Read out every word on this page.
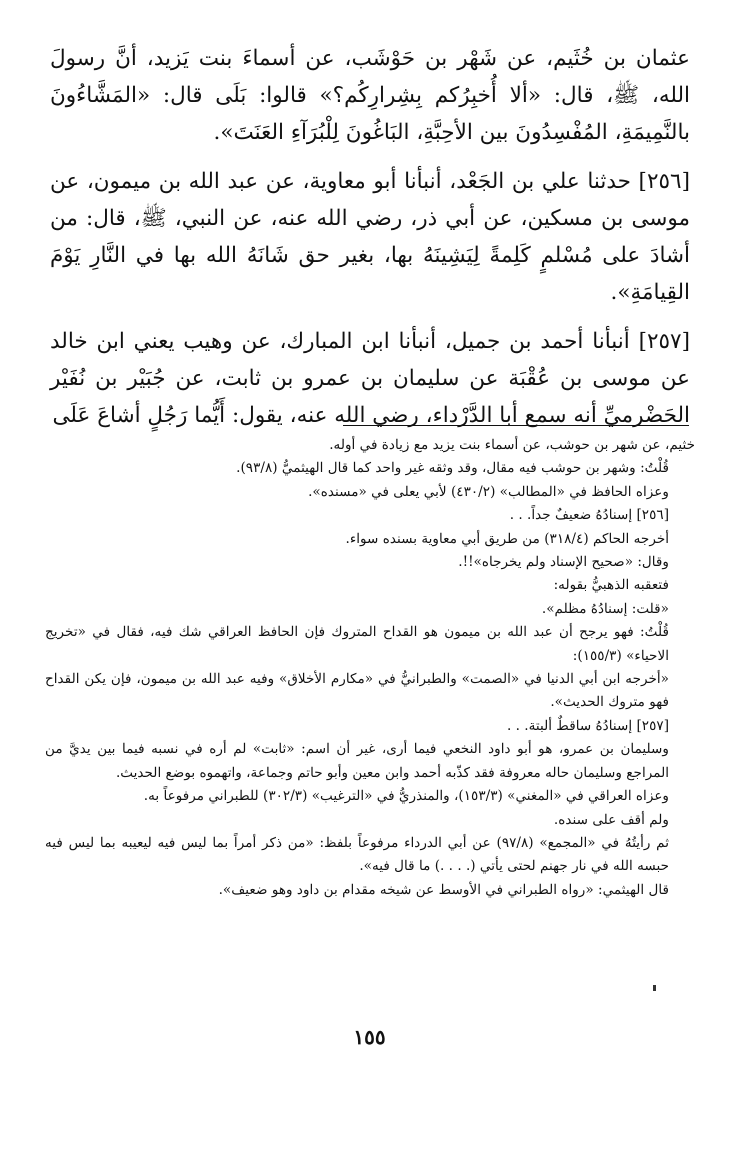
عثمان بن خُثَيم، عن شَهْر بن حَوْشَب، عن أسماءَ بنت يَزيد، أنَّ رسولَ الله، ﷺ، قال: «ألا أُخبِرُكم بِشِرارِكُم؟» قالوا: بَلَى قال: «المَشَّاءُونَ بالنَّمِيمَةِ، المُفْسِدُونَ بين الأحِبَّةِ، البَاغُونَ لِلْبُرَآءِ العَنَتَ».

[٢٥٦] حدثنا علي بن الجَعْد، أنبأنا أبو معاوية، عن عبد الله بن ميمون، عن موسى بن مسكين، عن أبي ذر، رضي الله عنه، عن النبي، ﷺ، قال: من أشادَ على مُسْلمٍ كَلِمةً لِيَشِينَهُ بها، بغير حق شَانَهُ الله بها في النَّارِ يَوْمَ القِيامَةِ».

[٢٥٧] أنبأنا أحمد بن جميل، أنبأنا ابن المبارك، عن وهيب يعني ابن خالد عن موسى بن عُقْبَة عن سليمان بن عمرو بن ثابت، عن جُبَيْر بن نُفَيْر الحَضْرميِّ أنه سمع أبا الدَّرْداء، رضي الله عنه، يقول: أَيُّما رَجُلٍ أشاعَ عَلَى

خثيم، عن شهر بن حوشب، عن أسماء بنت يزيد مع زيادة في أوله.

قُلْتُ: وشهر بن حوشب فيه مقال، وقد وثقه غير واحد كما قال الهيثميُّ (٩٣/٨).

وعزاه الحافظ في «المطالب» (٤٣٠/٢) لأبي يعلى في «مسنده».

[٢٥٦] إسنادُهُ ضعيفٌ جداً. . .

أخرجه الحاكم (٣١٨/٤) من طريق أبي معاوية بسنده سواء.

وقال: «صحيح الإسناد ولم يخرجاه»!!.

فتعقبه الذهبيُّ بقوله:

«قلت: إسنادُهُ مظلم».

قُلْتُ: فهو يرجح أن عبد الله بن ميمون هو القداح المتروك فإن الحافظ العراقي شك فيه، فقال في «تخريج الاحياء» (١٥٥/٣):

«أخرجه ابن أبي الدنيا في «الصمت» والطبرانيُّ في «مكارم الأخلاق» وفيه عبد الله بن ميمون، فإن يكن القداح فهو متروك الحديث».

[٢٥٧] إسنادُهُ ساقطٌ ألبتة. . .

وسليمان بن عمرو، هو أبو داود النخعي فيما أرى، غير أن اسم: «ثابت» لم أره في نسبه فيما بين يديَّ من المراجع وسليمان حاله معروفة فقد كذّبه أحمد وابن معين وأبو حاتم وجماعة، واتهموه بوضع الحديث.

وعزاه العراقي في «المغني» (١٥٣/٣)، والمنذريُّ في «الترغيب» (٣٠٢/٣) للطبراني مرفوعاً به.

ولم أقف على سنده.

ثم رأيتُهُ في «المجمع» (٩٧/٨) عن أبي الدرداء مرفوعاً بلفظ: «من ذكر أمراً بما ليس فيه ليعيبه بما ليس فيه حبسه الله في نار جهنم لحتى يأتي (. . . .) ما قال فيه».

قال الهيثمي: «رواه الطبراني في الأوسط عن شيخه مقدام بن داود وهو ضعيف».

١٥٥
